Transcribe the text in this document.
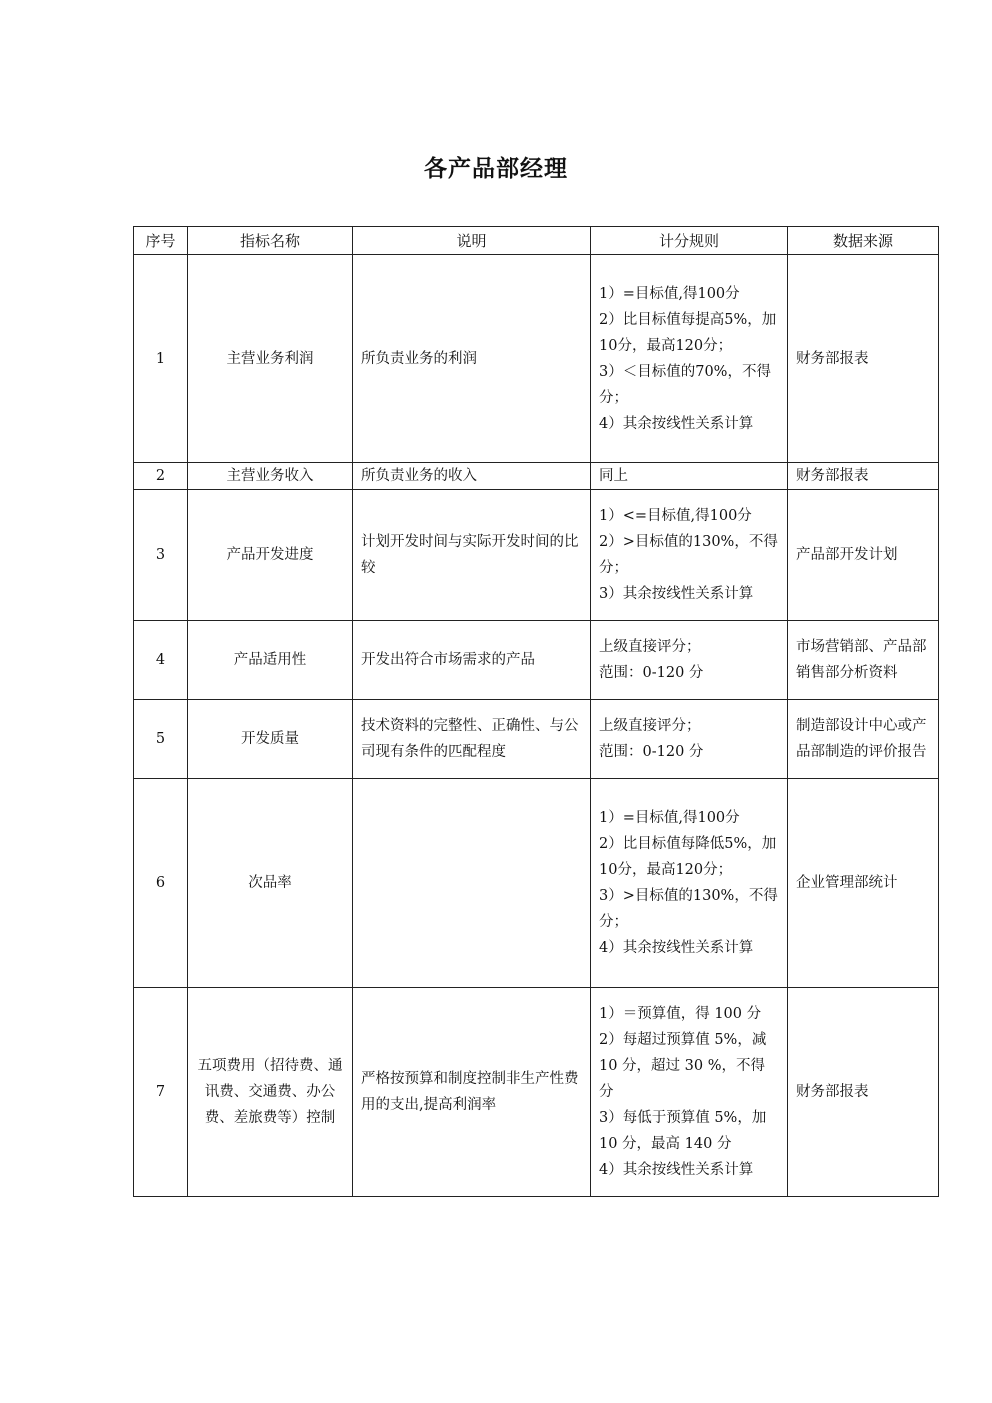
各产品部经理
序号	指标名称	说明	计分规则	数据来源
1	主营业务利润	所负责业务的利润	1）=目标值,得100分
2）比目标值每提高5%，加10分，最高120分；
3）＜目标值的70%，不得分；
4）其余按线性关系计算	财务部报表
2	主营业务收入	所负责业务的收入	同上	财务部报表
3	产品开发进度	计划开发时间与实际开发时间的比较	1）<=目标值,得100分
2）>目标值的130%，不得分；
3）其余按线性关系计算	产品部开发计划
4	产品适用性	开发出符合市场需求的产品	上级直接评分；
范围：0-120 分	市场营销部、产品部销售部分析资料
5	开发质量	技术资料的完整性、正确性、与公司现有条件的匹配程度	上级直接评分；
范围：0-120 分	制造部设计中心或产品部制造的评价报告
6	次品率		1）=目标值,得100分
2）比目标值每降低5%，加10分，最高120分；
3）>目标值的130%，不得分；
4）其余按线性关系计算	企业管理部统计
7	五项费用（招待费、通讯费、交通费、办公费、差旅费等）控制	严格按预算和制度控制非生产性费用的支出,提高利润率	1）＝预算值，得 100 分
2）每超过预算值 5%，减 10 分，超过 30 %，不得分
3）每低于预算值 5%，加 10 分，最高 140 分
4）其余按线性关系计算	财务部报表
